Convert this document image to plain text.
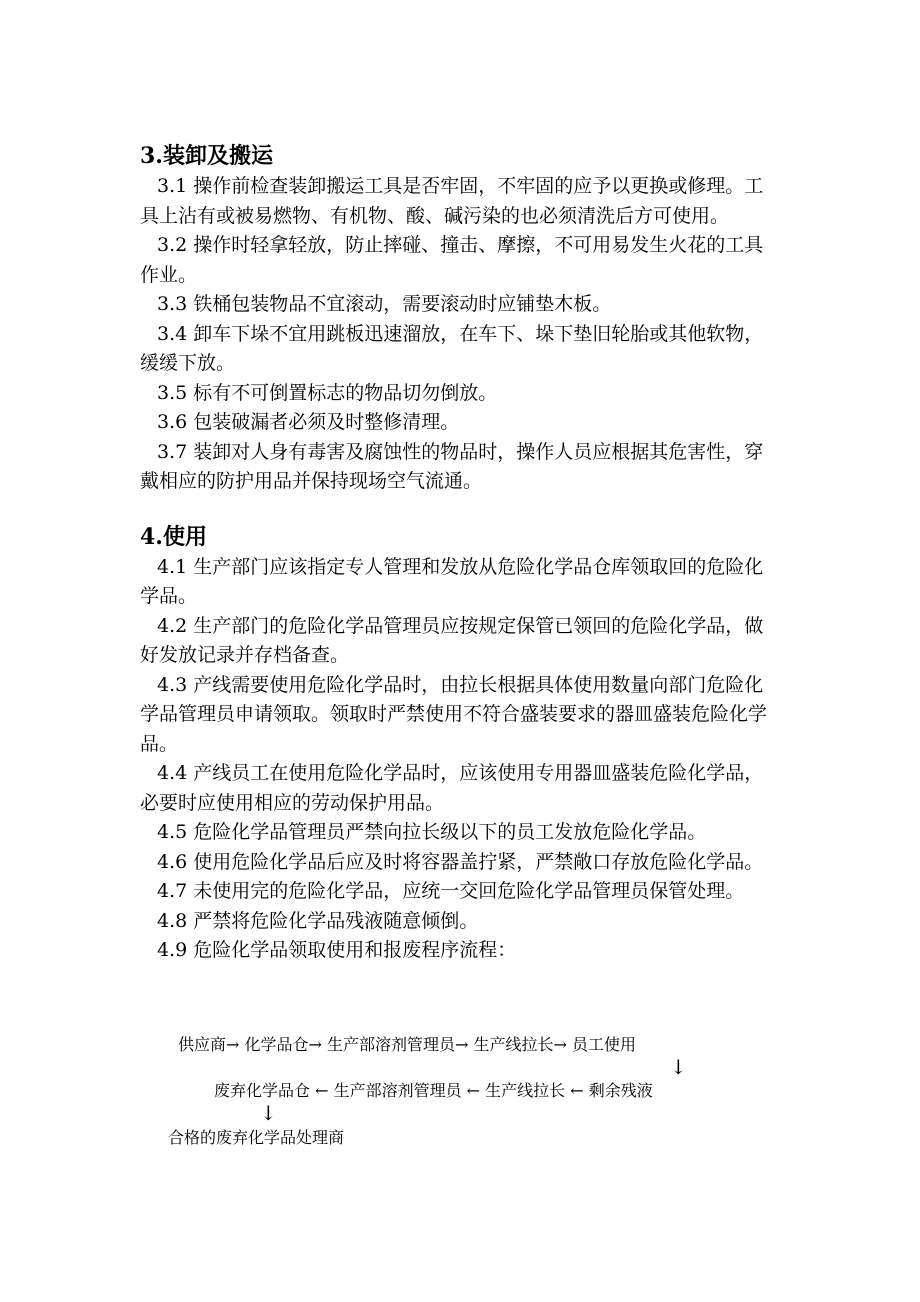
3.装卸及搬运

3.1 操作前检查装卸搬运工具是否牢固，不牢固的应予以更换或修理。工具上沾有或被易燃物、有机物、酸、碱污染的也必须清洗后方可使用。

3.2 操作时轻拿轻放，防止摔碰、撞击、摩擦，不可用易发生火花的工具作业。

3.3 铁桶包装物品不宜滚动，需要滚动时应铺垫木板。

3.4 卸车下垛不宜用跳板迅速溜放，在车下、垛下垫旧轮胎或其他软物，缓缓下放。

3.5 标有不可倒置标志的物品切勿倒放。

3.6 包装破漏者必须及时整修清理。

3.7 装卸对人身有毒害及腐蚀性的物品时，操作人员应根据其危害性，穿戴相应的防护用品并保持现场空气流通。

4.使用

4.1 生产部门应该指定专人管理和发放从危险化学品仓库领取回的危险化学品。

4.2 生产部门的危险化学品管理员应按规定保管已领回的危险化学品，做好发放记录并存档备查。

4.3 产线需要使用危险化学品时，由拉长根据具体使用数量向部门危险化学品管理员申请领取。领取时严禁使用不符合盛装要求的器皿盛装危险化学品。

4.4 产线员工在使用危险化学品时，应该使用专用器皿盛装危险化学品，必要时应使用相应的劳动保护用品。

4.5 危险化学品管理员严禁向拉长级以下的员工发放危险化学品。

4.6 使用危险化学品后应及时将容器盖拧紧，严禁敞口存放危险化学品。

4.7 未使用完的危险化学品，应统一交回危险化学品管理员保管处理。

4.8 严禁将危险化学品残液随意倾倒。

4.9 危险化学品领取使用和报废程序流程：

供应商→ 化学品仓→ 生产部溶剂管理员→ 生产线拉长→ 员工使用
↓
废弃化学品仓 ← 生产部溶剂管理员 ← 生产线拉长 ← 剩余残液
↓
合格的废弃化学品处理商
